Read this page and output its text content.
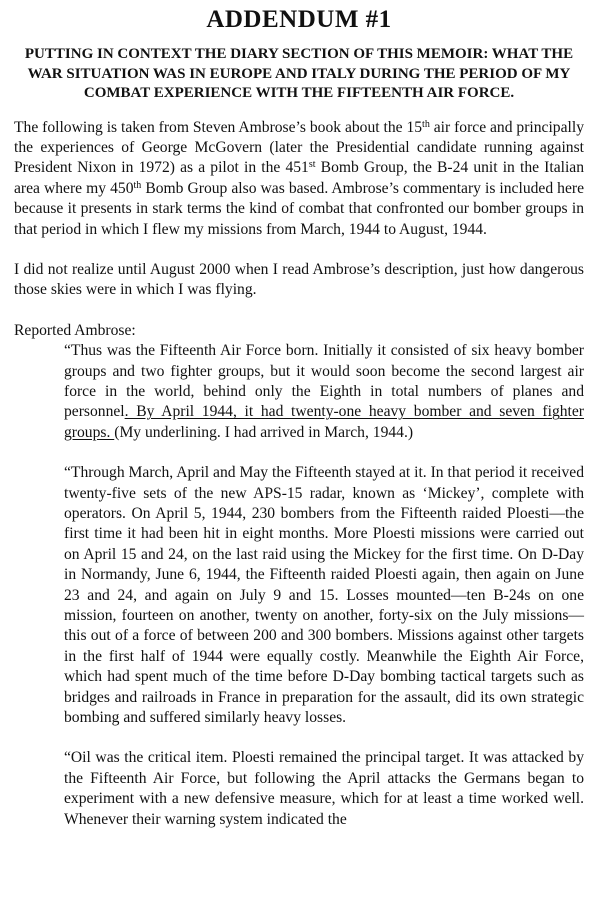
ADDENDUM #1

PUTTING IN CONTEXT THE DIARY SECTION OF THIS MEMOIR: WHAT THE WAR SITUATION WAS IN EUROPE AND ITALY DURING THE PERIOD OF MY COMBAT EXPERIENCE WITH THE FIFTEENTH AIR FORCE.

The following is taken from Steven Ambrose’s book about the 15th air force and principally the experiences of George McGovern (later the Presidential candidate running against President Nixon in 1972) as a pilot in the 451st Bomb Group, the B-24 unit in the Italian area where my 450th Bomb Group also was based. Ambrose’s commentary is included here because it presents in stark terms the kind of combat that confronted our bomber groups in that period in which I flew my missions from March, 1944 to August, 1944.

I did not realize until August 2000 when I read Ambrose’s description, just how dangerous those skies were in which I was flying.

Reported Ambrose:

“Thus was the Fifteenth Air Force born. Initially it consisted of six heavy bomber groups and two fighter groups, but it would soon become the second largest air force in the world, behind only the Eighth in total numbers of planes and personnel. By April 1944, it had twenty-one heavy bomber and seven fighter groups. (My underlining. I had arrived in March, 1944.)

“Through March, April and May the Fifteenth stayed at it. In that period it received twenty-five sets of the new APS-15 radar, known as ‘Mickey’, complete with operators. On April 5, 1944, 230 bombers from the Fifteenth raided Ploesti—the first time it had been hit in eight months. More Ploesti missions were carried out on April 15 and 24, on the last raid using the Mickey for the first time. On D-Day in Normandy, June 6, 1944, the Fifteenth raided Ploesti again, then again on June 23 and 24, and again on July 9 and 15. Losses mounted—ten B-24s on one mission, fourteen on another, twenty on another, forty-six on the July missions—this out of a force of between 200 and 300 bombers. Missions against other targets in the first half of 1944 were equally costly. Meanwhile the Eighth Air Force, which had spent much of the time before D-Day bombing tactical targets such as bridges and railroads in France in preparation for the assault, did its own strategic bombing and suffered similarly heavy losses.

“Oil was the critical item. Ploesti remained the principal target. It was attacked by the Fifteenth Air Force, but following the April attacks the Germans began to experiment with a new defensive measure, which for at least a time worked well. Whenever their warning system indicated the
